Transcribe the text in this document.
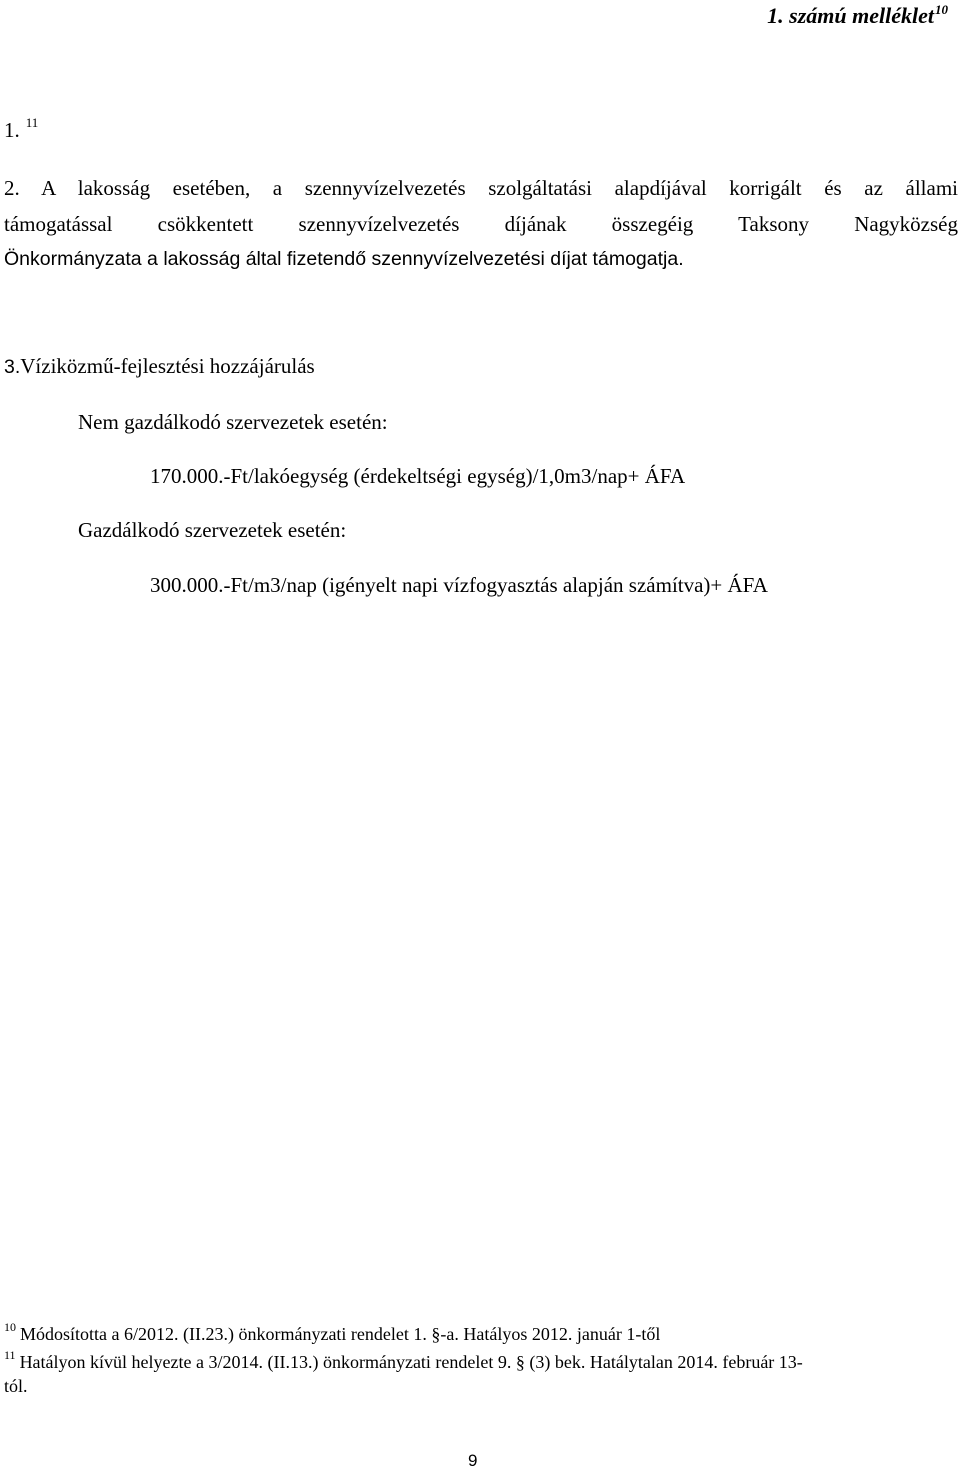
1. számú melléklet$^{10}$
1. $^{11}$
2. A lakosság esetében, a szennyvízelvezetés szolgáltatási alapdíjával korrigált és az állami
támogatással csökkentett szennyvízelvezetés díjának összegéig Taksony Nagyközség
Önkormányzata a lakosság által fizetendő szennyvízelvezetési díjat támogatja.
3.Víziközmű-fejlesztési hozzájárulás
Nem gazdálkodó szervezetek esetén:
170.000.-Ft/lakóegység (érdekeltségi egység)/1,0m3/nap+ ÁFA
Gazdálkodó szervezetek esetén:
300.000.-Ft/m3/nap (igényelt napi vízfogyasztás alapján számítva)+ ÁFA
$^{10}$ Módosította a 6/2012. (II.23.) önkormányzati rendelet 1. §-a. Hatályos 2012. január 1-től
$^{11}$ Hatályon kívül helyezte a 3/2014. (II.13.) önkormányzati rendelet 9. § (3) bek. Hatálytalan 2014. február 13-
tól.
9
